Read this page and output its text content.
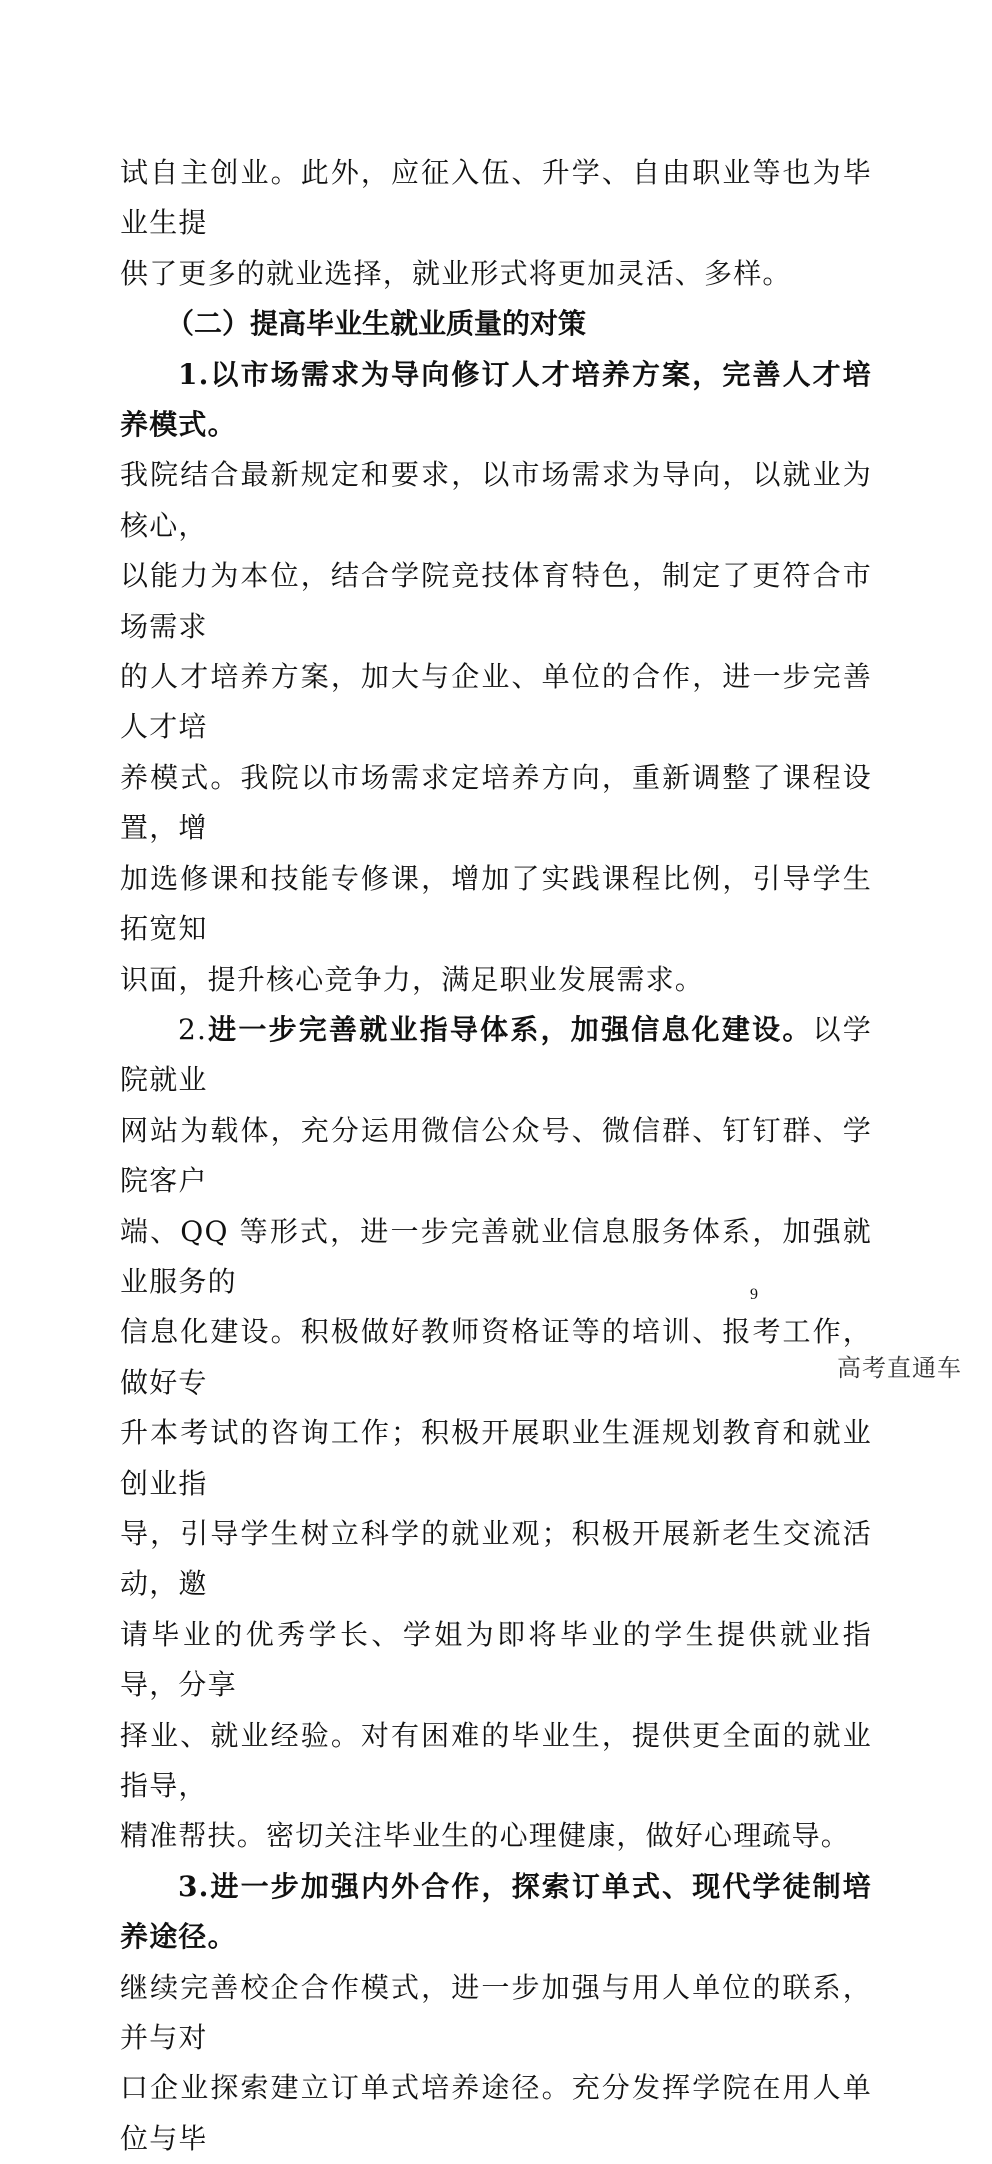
试自主创业。此外，应征入伍、升学、自由职业等也为毕业生提
供了更多的就业选择，就业形式将更加灵活、多样。

（二）提高毕业生就业质量的对策

1.以市场需求为导向修订人才培养方案，完善人才培养模式。
我院结合最新规定和要求，以市场需求为导向，以就业为核心，
以能力为本位，结合学院竞技体育特色，制定了更符合市场需求
的人才培养方案，加大与企业、单位的合作，进一步完善人才培
养模式。我院以市场需求定培养方向，重新调整了课程设置，增
加选修课和技能专修课，增加了实践课程比例，引导学生拓宽知
识面，提升核心竞争力，满足职业发展需求。

2.进一步完善就业指导体系，加强信息化建设。以学院就业
网站为载体，充分运用微信公众号、微信群、钉钉群、学院客户
端、QQ 等形式，进一步完善就业信息服务体系，加强就业服务的
信息化建设。积极做好教师资格证等的培训、报考工作，做好专
升本考试的咨询工作；积极开展职业生涯规划教育和就业创业指
导，引导学生树立科学的就业观；积极开展新老生交流活动，邀
请毕业的优秀学长、学姐为即将毕业的学生提供就业指导，分享
择业、就业经验。对有困难的毕业生，提供更全面的就业指导，
精准帮扶。密切关注毕业生的心理健康，做好心理疏导。

3.进一步加强内外合作，探索订单式、现代学徒制培养途径。
继续完善校企合作模式，进一步加强与用人单位的联系，并与对
口企业探索建立订单式培养途径。充分发挥学院在用人单位与毕

9
高考直通车
